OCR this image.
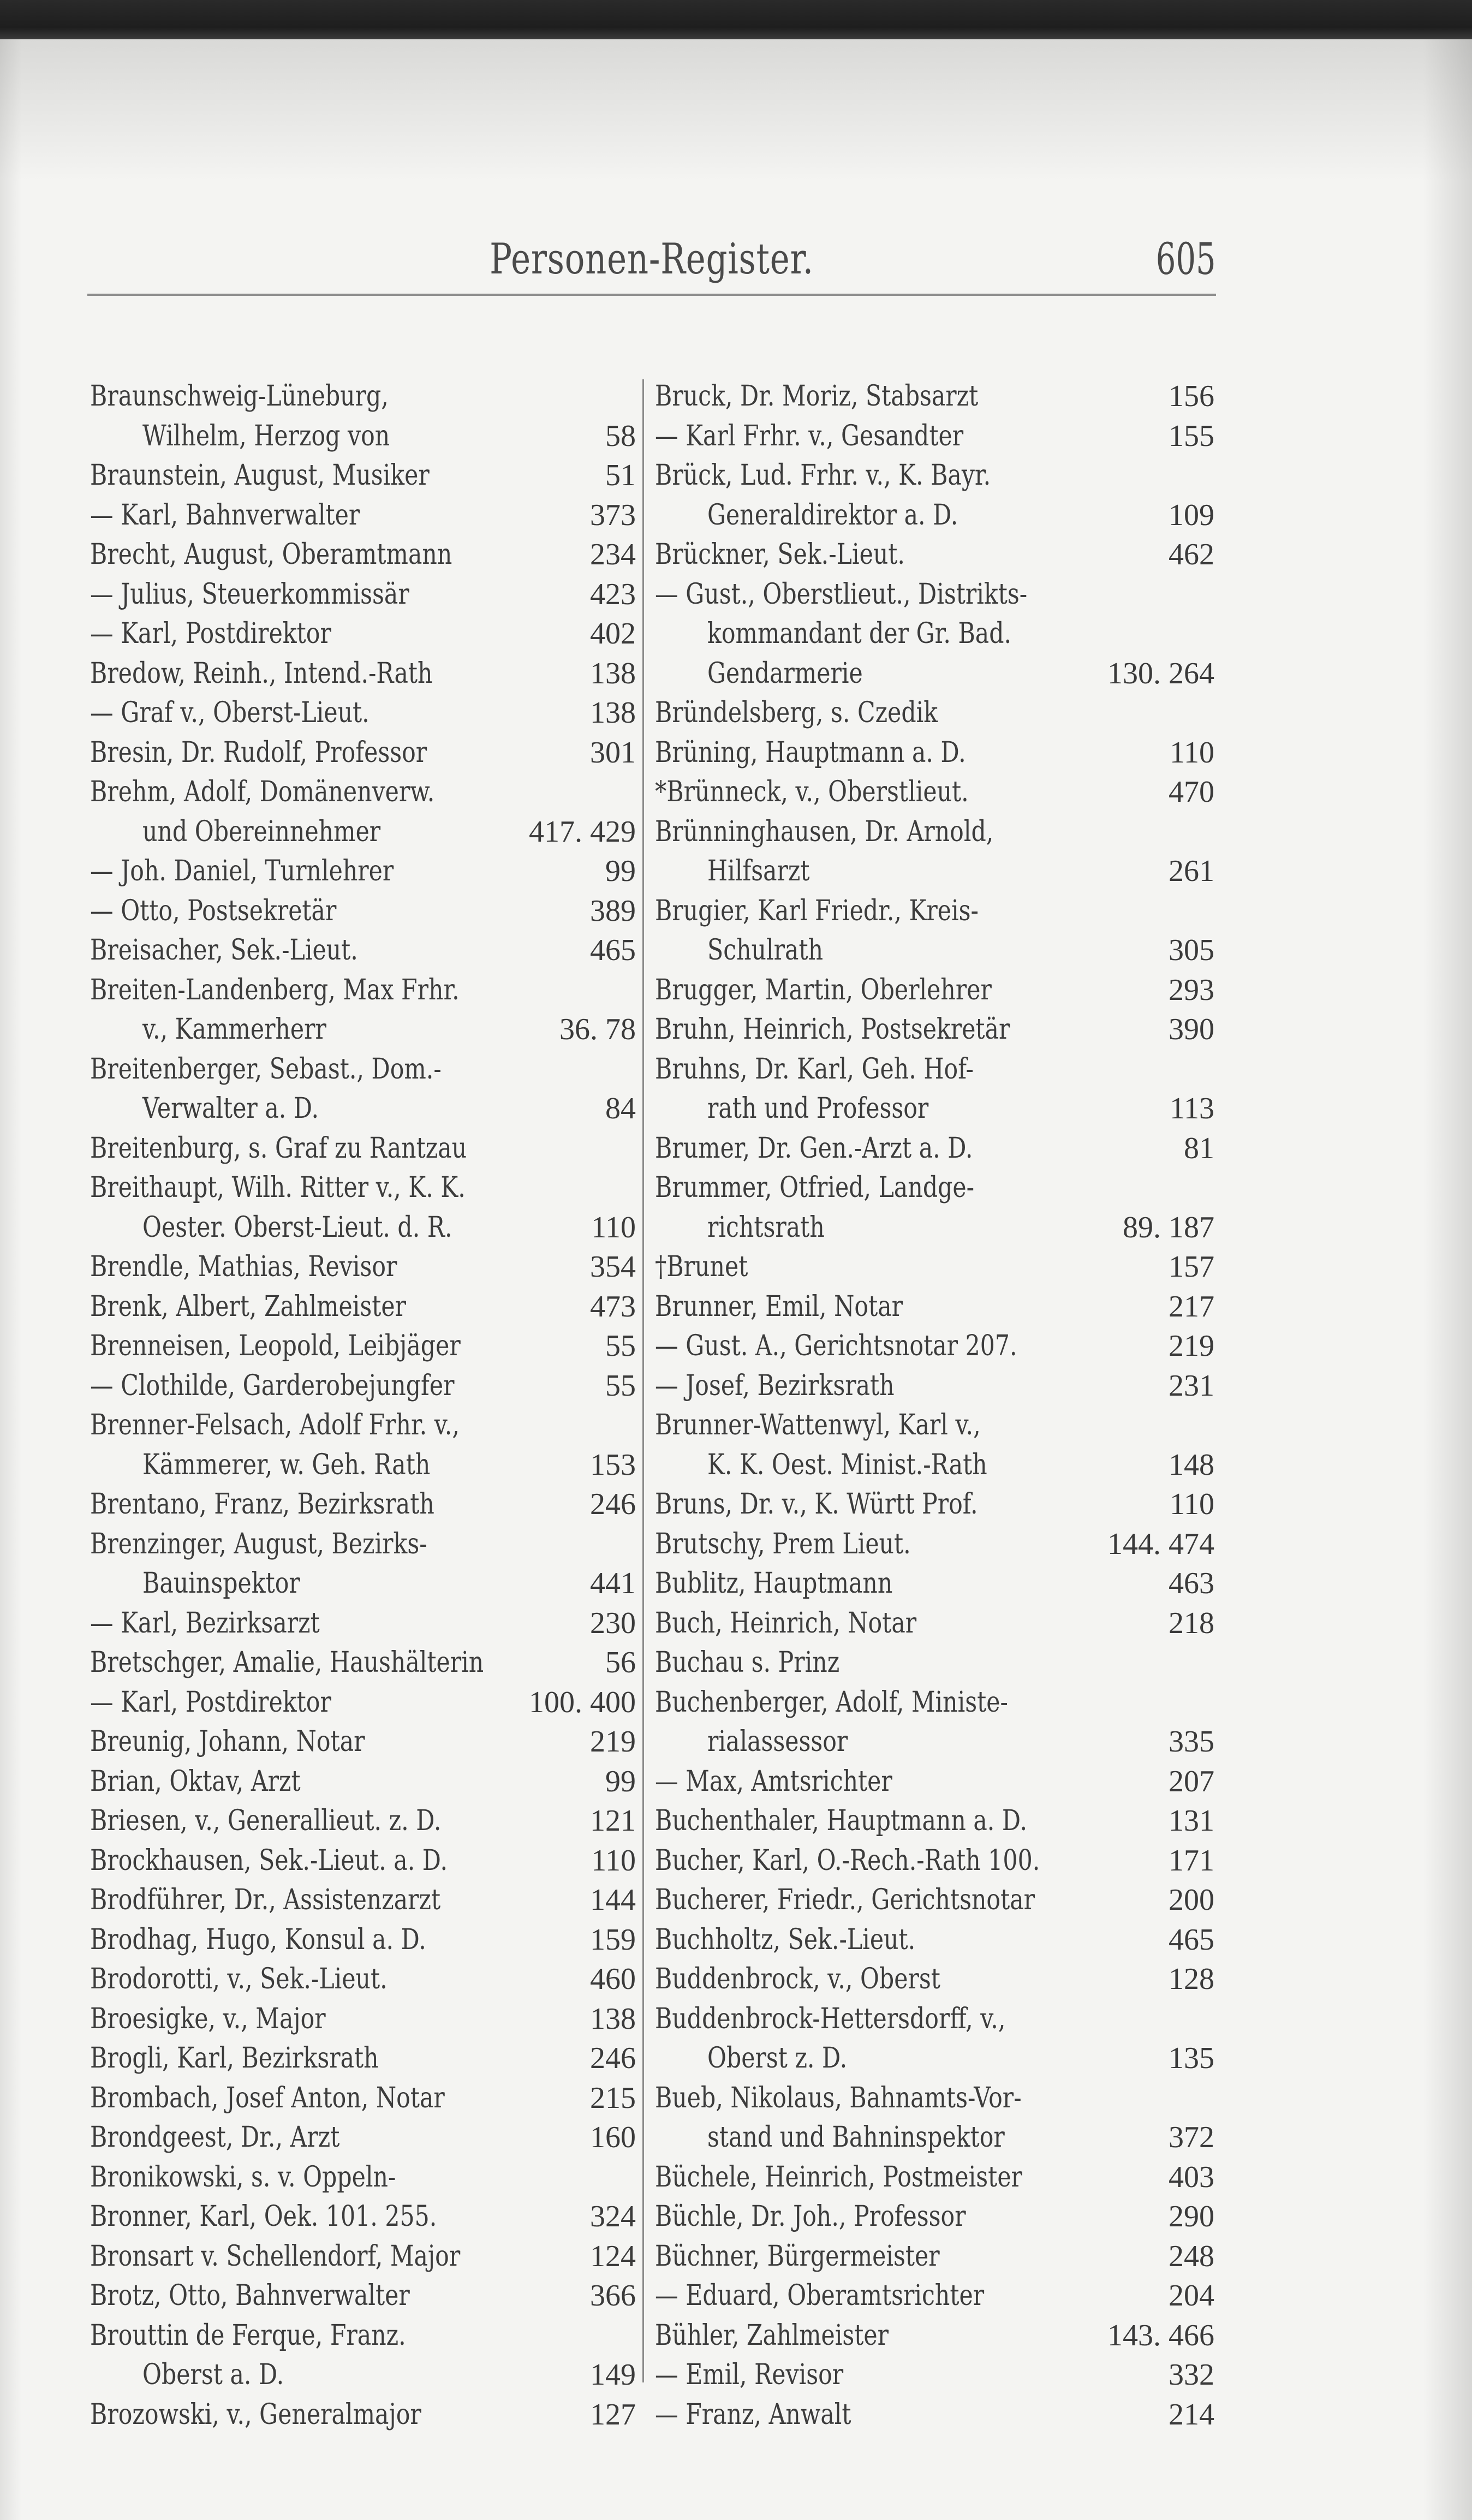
Personen-Register.	605
Braunschweig-Lüneburg,
Wilhelm, Herzog von	58
Braunstein, August, Musiker	51
— Karl, Bahnverwalter	373
Brecht, August, Oberamtmann	234
— Julius, Steuerkommissär	423
— Karl, Postdirektor	402
Bredow, Reinh., Intend.-Rath	138
— Graf v., Oberst-Lieut.	138
Bresin, Dr. Rudolf, Professor	301
Brehm, Adolf, Domänenverw.
und Obereinnehmer	417. 429
— Joh. Daniel, Turnlehrer	99
— Otto, Postsekretär	389
Breisacher, Sek.-Lieut.	465
Breiten-Landenberg, Max Frhr.
v., Kammerherr	36. 78
Breitenberger, Sebast., Dom.-
Verwalter a. D.	84
Breitenburg, s. Graf zu Rantzau
Breithaupt, Wilh. Ritter v., K. K.
Oester. Oberst-Lieut. d. R.	110
Brendle, Mathias, Revisor	354
Brenk, Albert, Zahlmeister	473
Brenneisen, Leopold, Leibjäger	55
— Clothilde, Garderobejungfer	55
Brenner-Felsach, Adolf Frhr. v.,
Kämmerer, w. Geh. Rath	153
Brentano, Franz, Bezirksrath	246
Brenzinger, August, Bezirks-
Bauinspektor	441
— Karl, Bezirksarzt	230
Bretschger, Amalie, Haushälterin	56
— Karl, Postdirektor	100. 400
Breunig, Johann, Notar	219
Brian, Oktav, Arzt	99
Briesen, v., Generallieut. z. D.	121
Brockhausen, Sek.-Lieut. a. D.	110
Brodführer, Dr., Assistenzarzt	144
Brodhag, Hugo, Konsul a. D.	159
Brodorotti, v., Sek.-Lieut.	460
Broesigke, v., Major	138
Brogli, Karl, Bezirksrath	246
Brombach, Josef Anton, Notar	215
Brondgeest, Dr., Arzt	160
Bronikowski, s. v. Oppeln-
Bronner, Karl, Oek. 101. 255.	324
Bronsart v. Schellendorf, Major	124
Brotz, Otto, Bahnverwalter	366
Brouttin de Ferque, Franz.
Oberst a. D.	149
Brozowski, v., Generalmajor	127
Bruck, Dr. Moriz, Stabsarzt	156
— Karl Frhr. v., Gesandter	155
Brück, Lud. Frhr. v., K. Bayr.
Generaldirektor a. D.	109
Brückner, Sek.-Lieut.	462
— Gust., Oberstlieut., Distrikts-
kommandant der Gr. Bad.
Gendarmerie	130. 264
Bründelsberg, s. Czedik
Brüning, Hauptmann a. D.	110
*Brünneck, v., Oberstlieut.	470
Brünninghausen, Dr. Arnold,
Hilfsarzt	261
Brugier, Karl Friedr., Kreis-
Schulrath	305
Brugger, Martin, Oberlehrer	293
Bruhn, Heinrich, Postsekretär	390
Bruhns, Dr. Karl, Geh. Hof-
rath und Professor	113
Brumer, Dr. Gen.-Arzt a. D.	81
Brummer, Otfried, Landge-
richtsrath	89. 187
†Brunet	157
Brunner, Emil, Notar	217
— Gust. A., Gerichtsnotar 207.	219
— Josef, Bezirksrath	231
Brunner-Wattenwyl, Karl v.,
K. K. Oest. Minist.-Rath	148
Bruns, Dr. v., K. Württ Prof.	110
Brutschy, Prem Lieut.	144. 474
Bublitz, Hauptmann	463
Buch, Heinrich, Notar	218
Buchau s. Prinz
Buchenberger, Adolf, Ministe-
rialassessor	335
— Max, Amtsrichter	207
Buchenthaler, Hauptmann a. D.	131
Bucher, Karl, O.-Rech.-Rath 100.	171
Bucherer, Friedr., Gerichtsnotar	200
Buchholtz, Sek.-Lieut.	465
Buddenbrock, v., Oberst	128
Buddenbrock-Hettersdorff, v.,
Oberst z. D.	135
Bueb, Nikolaus, Bahnamts-Vor-
stand und Bahninspektor	372
Büchele, Heinrich, Postmeister	403
Büchle, Dr. Joh., Professor	290
Büchner, Bürgermeister	248
— Eduard, Oberamtsrichter	204
Bühler, Zahlmeister	143. 466
— Emil, Revisor	332
— Franz, Anwalt	214
